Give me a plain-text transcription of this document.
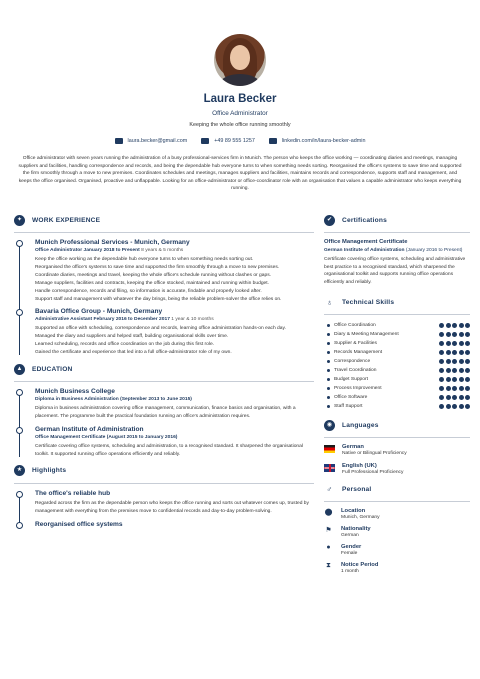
Laura Becker
Office Administrator
Keeping the whole office running smoothly
laura.becker@gmail.com	+49 89 555 1257	linkedin.com/in/laura-becker-admin
Office administrator with seven years running the administration of a busy professional-services firm in Munich. The person who keeps the office working — coordinating diaries and meetings, managing suppliers and facilities, handling correspondence and records, and being the dependable hub everyone turns to when something needs sorting. Reorganised the office's systems to save time and supported the firm smoothly through a move to new premises. Coordinates schedules and meetings, manages suppliers and facilities, maintains records and correspondence, supports staff and management, and keeps the office organised. Organised, proactive and unflappable. Looking for an office-administrator or office-coordinator role with an organisation that values a capable administrator who keeps everything running.
✦	WORK EXPERIENCE
Munich Professional Services - Munich, Germany
Office Administrator January 2018 to Present 8 years & 5 months
Keep the office working as the dependable hub everyone turns to when something needs sorting out.
Reorganised the office's systems to save time and supported the firm smoothly through a move to new premises.
Coordinate diaries, meetings and travel, keeping the whole office's schedule running without clashes or gaps.
Manage suppliers, facilities and contracts, keeping the office stocked, maintained and running within budget.
Handle correspondence, records and filing, so information is accurate, findable and properly looked after.
Support staff and management with whatever the day brings, being the reliable problem-solver the office relies on.
Bavaria Office Group - Munich, Germany
Administrative Assistant February 2016 to December 2017 1 year & 10 months
Supported an office with scheduling, correspondence and records, learning office administration hands-on each day.
Managed the diary and suppliers and helped staff, building organisational skills over time.
Learned scheduling, records and office coordination on the job during this first role.
Gained the certificate and experience that led into a full office-administrator role of my own.
▲	EDUCATION
Munich Business College
Diploma in Business Administration (September 2013 to June 2015)
Diploma in business administration covering office management, communication, finance basics and organisation, with a placement. The programme built the practical foundation running an office's administration requires.
German Institute of Administration
Office Management Certificate (August 2015 to January 2016)
Certificate covering office systems, scheduling and administration, to a recognised standard. It sharpened the organisational toolkit. It supported running office operations efficiently and reliably.
★	Highlights
The office's reliable hub
Regarded across the firm as the dependable person who keeps the office running and sorts out whatever comes up, trusted by management with everything from the premises move to confidential records and day-to-day problem-solving.
Reorganised office systems
✔	Certifications
Office Management Certificate
German Institute of Administration (January 2016 to Present)
Certificate covering office systems, scheduling and administrative best practice to a recognised standard, which sharpened the organisational toolkit and supports running office operations efficiently and reliably.
♁	Technical Skills
Office Coordination
Diary & Meeting Management
Supplier & Facilities
Records Management
Correspondence
Travel Coordination
Budget Support
Process Improvement
Office Software
Staff Support
◉	Languages
German
Native or Bilingual Proficiency
English (UK)
Full Professional Proficiency
♂	Personal
⬤ Location
Munich, Germany
⚑ Nationality
German
●	Gender
Female
⧗	Notice Period
1 month
